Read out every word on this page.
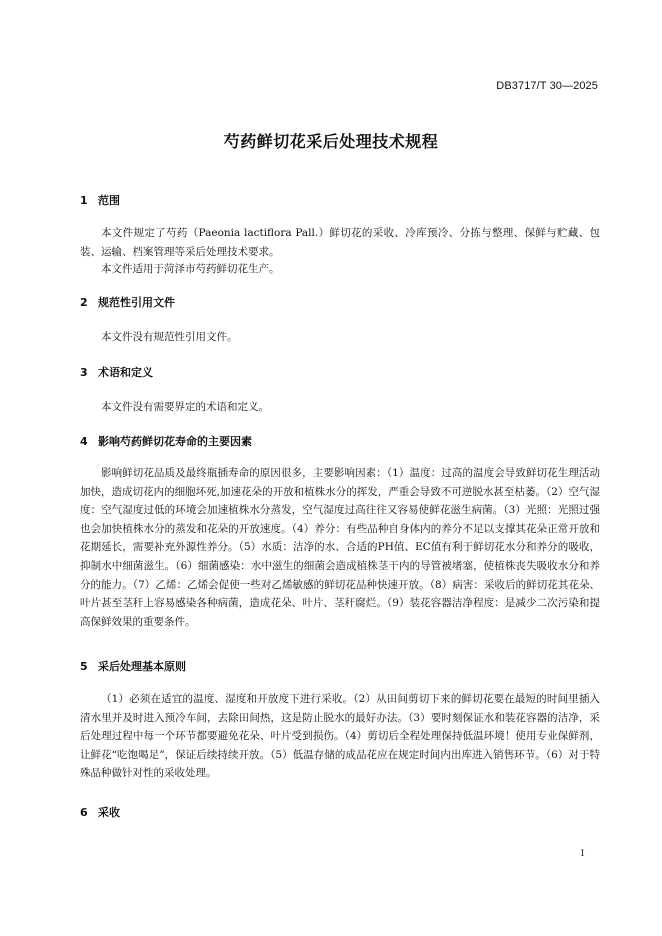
DB3717/T 30—2025
芍药鲜切花采后处理技术规程
1 范围

本文件规定了芍药（Paeonia lactiflora Pall.）鲜切花的采收、冷库预冷、分拣与整理、保鲜与贮藏、包装、运输、档案管理等采后处理技术要求。

本文件适用于菏泽市芍药鲜切花生产。

2 规范性引用文件

本文件没有规范性引用文件。

3 术语和定义

本文件没有需要界定的术语和定义。

4 影响芍药鲜切花寿命的主要因素

影响鲜切花品质及最终瓶插寿命的原因很多，主要影响因素：（1）温度：过高的温度会导致鲜切花生理活动加快，造成切花内的细胞坏死,加速花朵的开放和植株水分的挥发，严重会导致不可逆脱水甚至枯萎。（2）空气湿度：空气湿度过低的环境会加速植株水分蒸发，空气湿度过高往往又容易使鲜花滋生病菌。（3）光照：光照过强也会加快植株水分的蒸发和花朵的开放速度。（4）养分：有些品种自身体内的养分不足以支撑其花朵正常开放和花期延长，需要补充外源性养分。（5）水质：洁净的水、合适的PH值、EC值有利于鲜切花水分和养分的吸收，抑制水中细菌滋生。（6）细菌感染：水中滋生的细菌会造成植株茎干内的导管被堵塞，使植株丧失吸收水分和养分的能力。（7）乙烯：乙烯会促使一些对乙烯敏感的鲜切花品种快速开放。（8）病害：采收后的鲜切花其花朵、叶片甚至茎秆上容易感染各种病菌，造成花朵、叶片、茎秆腐烂。（9）装花容器洁净程度：是减少二次污染和提高保鲜效果的重要条件。

5 采后处理基本原则

（1）必须在适宜的温度、湿度和开放度下进行采收。（2）从田间剪切下来的鲜切花要在最短的时间里插入清水里并及时进入预冷车间，去除田间热，这是防止脱水的最好办法。（3）要时刻保证水和装花容器的洁净，采后处理过程中每一个环节都要避免花朵、叶片受到损伤。（4）剪切后全程处理保持低温环境！使用专业保鲜剂，让鲜花“吃饱喝足”，保证后续持续开放。（5）低温存储的成品花应在规定时间内出库进入销售环节。（6）对于特殊品种做针对性的采收处理。

6 采收
1
